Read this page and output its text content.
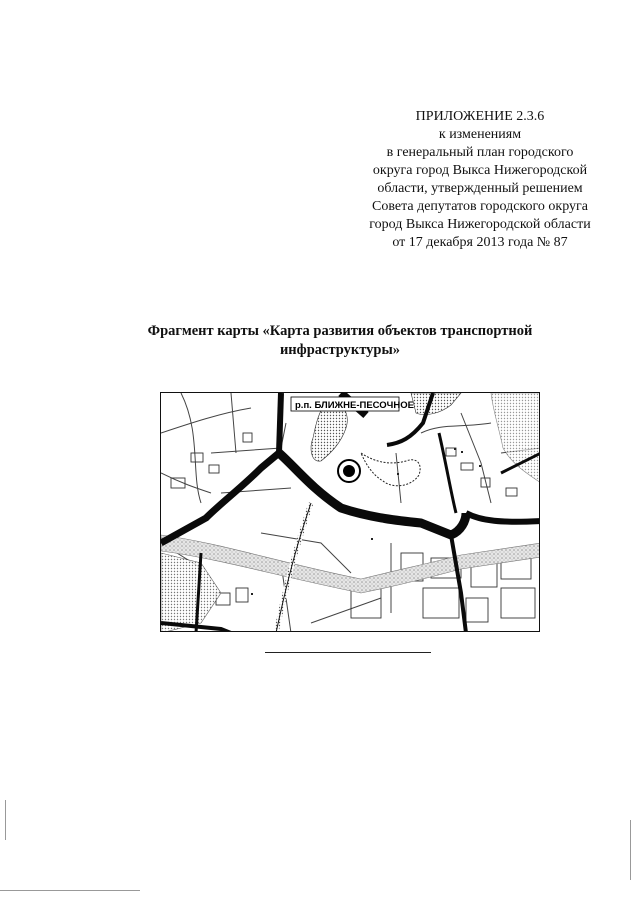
ПРИЛОЖЕНИЕ 2.3.6
к изменениям
в генеральный план городского
округа город Выкса Нижегородской
области, утвержденный решением
Совета депутатов городского округа
город Выкса Нижегородской области
от 17 декабря 2013 года № 87
Фрагмент карты «Карта развития объектов транспортной
инфраструктуры»
р.п. БЛИЖНЕ-ПЕСОЧНОЕ
